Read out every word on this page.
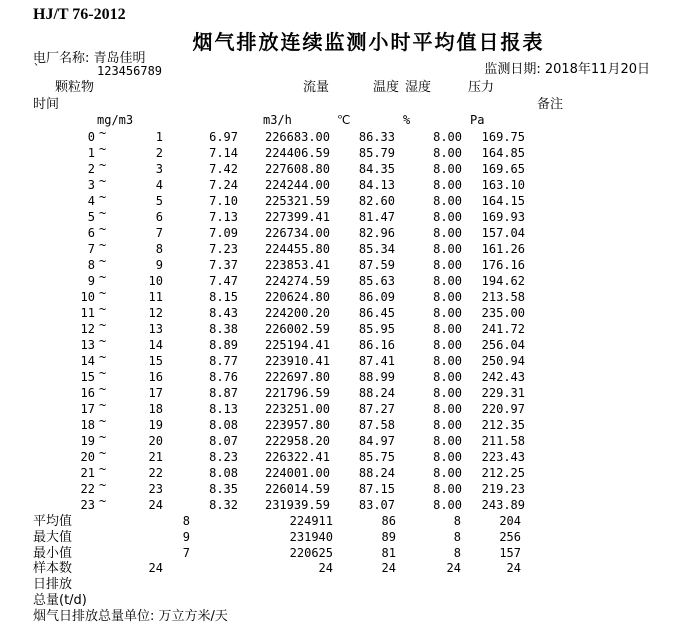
HJ/T 76-2012
烟气排放连续监测小时平均值日报表
电厂名称: 青岛佳明
`	123456789	监测日期: 2018年11月20日
颗粒物	流量	温度 湿度	压力
时间	备注
mg/m3	m3/h	℃	%	Pa
0 ~	1	6.97	226683.00	86.33	8.00	169.75
1 ~	2	7.14	224406.59	85.79	8.00	164.85
2 ~	3	7.42	227608.80	84.35	8.00	169.65
3 ~	4	7.24	224244.00	84.13	8.00	163.10
4 ~	5	7.10	225321.59	82.60	8.00	164.15
5 ~	6	7.13	227399.41	81.47	8.00	169.93
6 ~	7	7.09	226734.00	82.96	8.00	157.04
7 ~	8	7.23	224455.80	85.34	8.00	161.26
8 ~	9	7.37	223853.41	87.59	8.00	176.16
9 ~	10	7.47	224274.59	85.63	8.00	194.62
10 ~	11	8.15	220624.80	86.09	8.00	213.58
11 ~	12	8.43	224200.20	86.45	8.00	235.00
12 ~	13	8.38	226002.59	85.95	8.00	241.72
13 ~	14	8.89	225194.41	86.16	8.00	256.04
14 ~	15	8.77	223910.41	87.41	8.00	250.94
15 ~	16	8.76	222697.80	88.99	8.00	242.43
16 ~	17	8.87	221796.59	88.24	8.00	229.31
17 ~	18	8.13	223251.00	87.27	8.00	220.97
18 ~	19	8.08	223957.80	87.58	8.00	212.35
19 ~	20	8.07	222958.20	84.97	8.00	211.58
20 ~	21	8.23	226322.41	85.75	8.00	223.43
21 ~	22	8.08	224001.00	88.24	8.00	212.25
22 ~	23	8.35	226014.59	87.15	8.00	219.23
23 ~	24	8.32	231939.59	83.07	8.00	243.89
平均值	8	224911	86	8	204
最大值	9	231940	89	8	256
最小值	7	220625	81	8	157
样本数	24	24	24	24	24
日排放
总量(t/d)
烟气日排放总量单位: 万立方米/天
